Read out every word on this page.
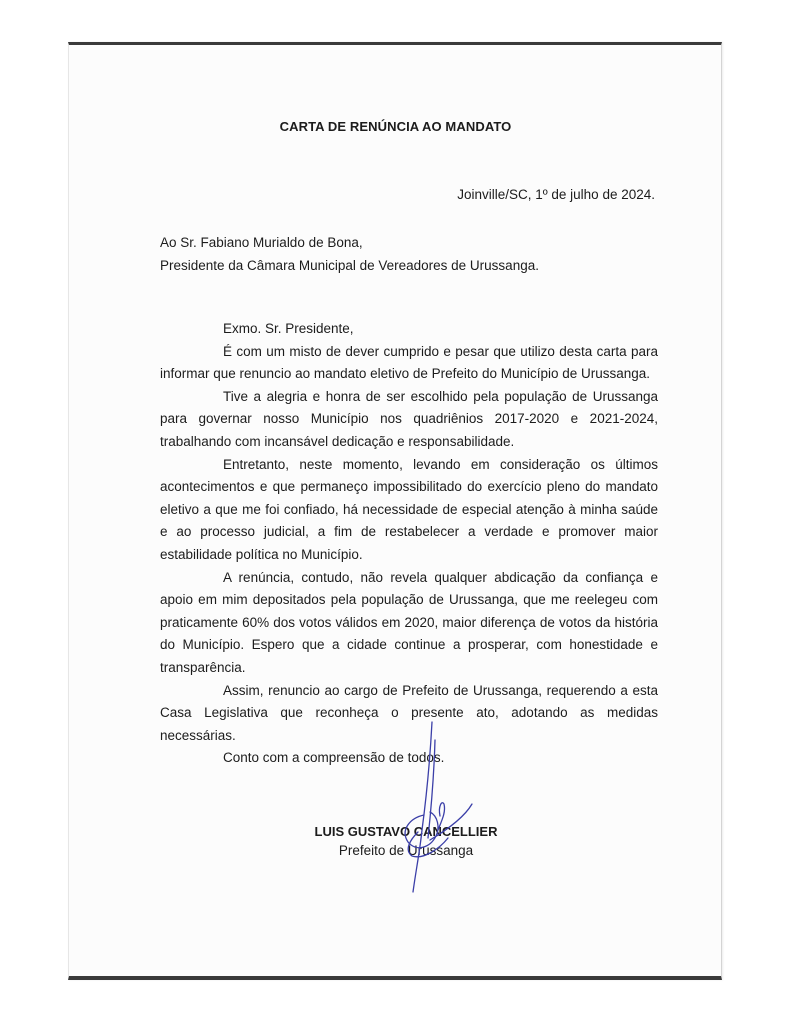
CARTA DE RENÚNCIA AO MANDATO
Joinville/SC, 1º de julho de 2024.
Ao Sr. Fabiano Murialdo de Bona,
Presidente da Câmara Municipal de Vereadores de Urussanga.

Exmo. Sr. Presidente,

É com um misto de dever cumprido e pesar que utilizo desta carta para informar que renuncio ao mandato eletivo de Prefeito do Município de Urussanga.

Tive a alegria e honra de ser escolhido pela população de Urussanga para governar nosso Município nos quadriênios 2017-2020 e 2021-2024, trabalhando com incansável dedicação e responsabilidade.

Entretanto, neste momento, levando em consideração os últimos acontecimentos e que permaneço impossibilitado do exercício pleno do mandato eletivo a que me foi confiado, há necessidade de especial atenção à minha saúde e ao processo judicial, a fim de restabelecer a verdade e promover maior estabilidade política no Município.

A renúncia, contudo, não revela qualquer abdicação da confiança e apoio em mim depositados pela população de Urussanga, que me reelegeu com praticamente 60% dos votos válidos em 2020, maior diferença de votos da história do Município. Espero que a cidade continue a prosperar, com honestidade e transparência.

Assim, renuncio ao cargo de Prefeito de Urussanga, requerendo a esta Casa Legislativa que reconheça o presente ato, adotando as medidas necessárias.

Conto com a compreensão de todos.

LUIS GUSTAVO CANCELLIER
Prefeito de Urussanga
